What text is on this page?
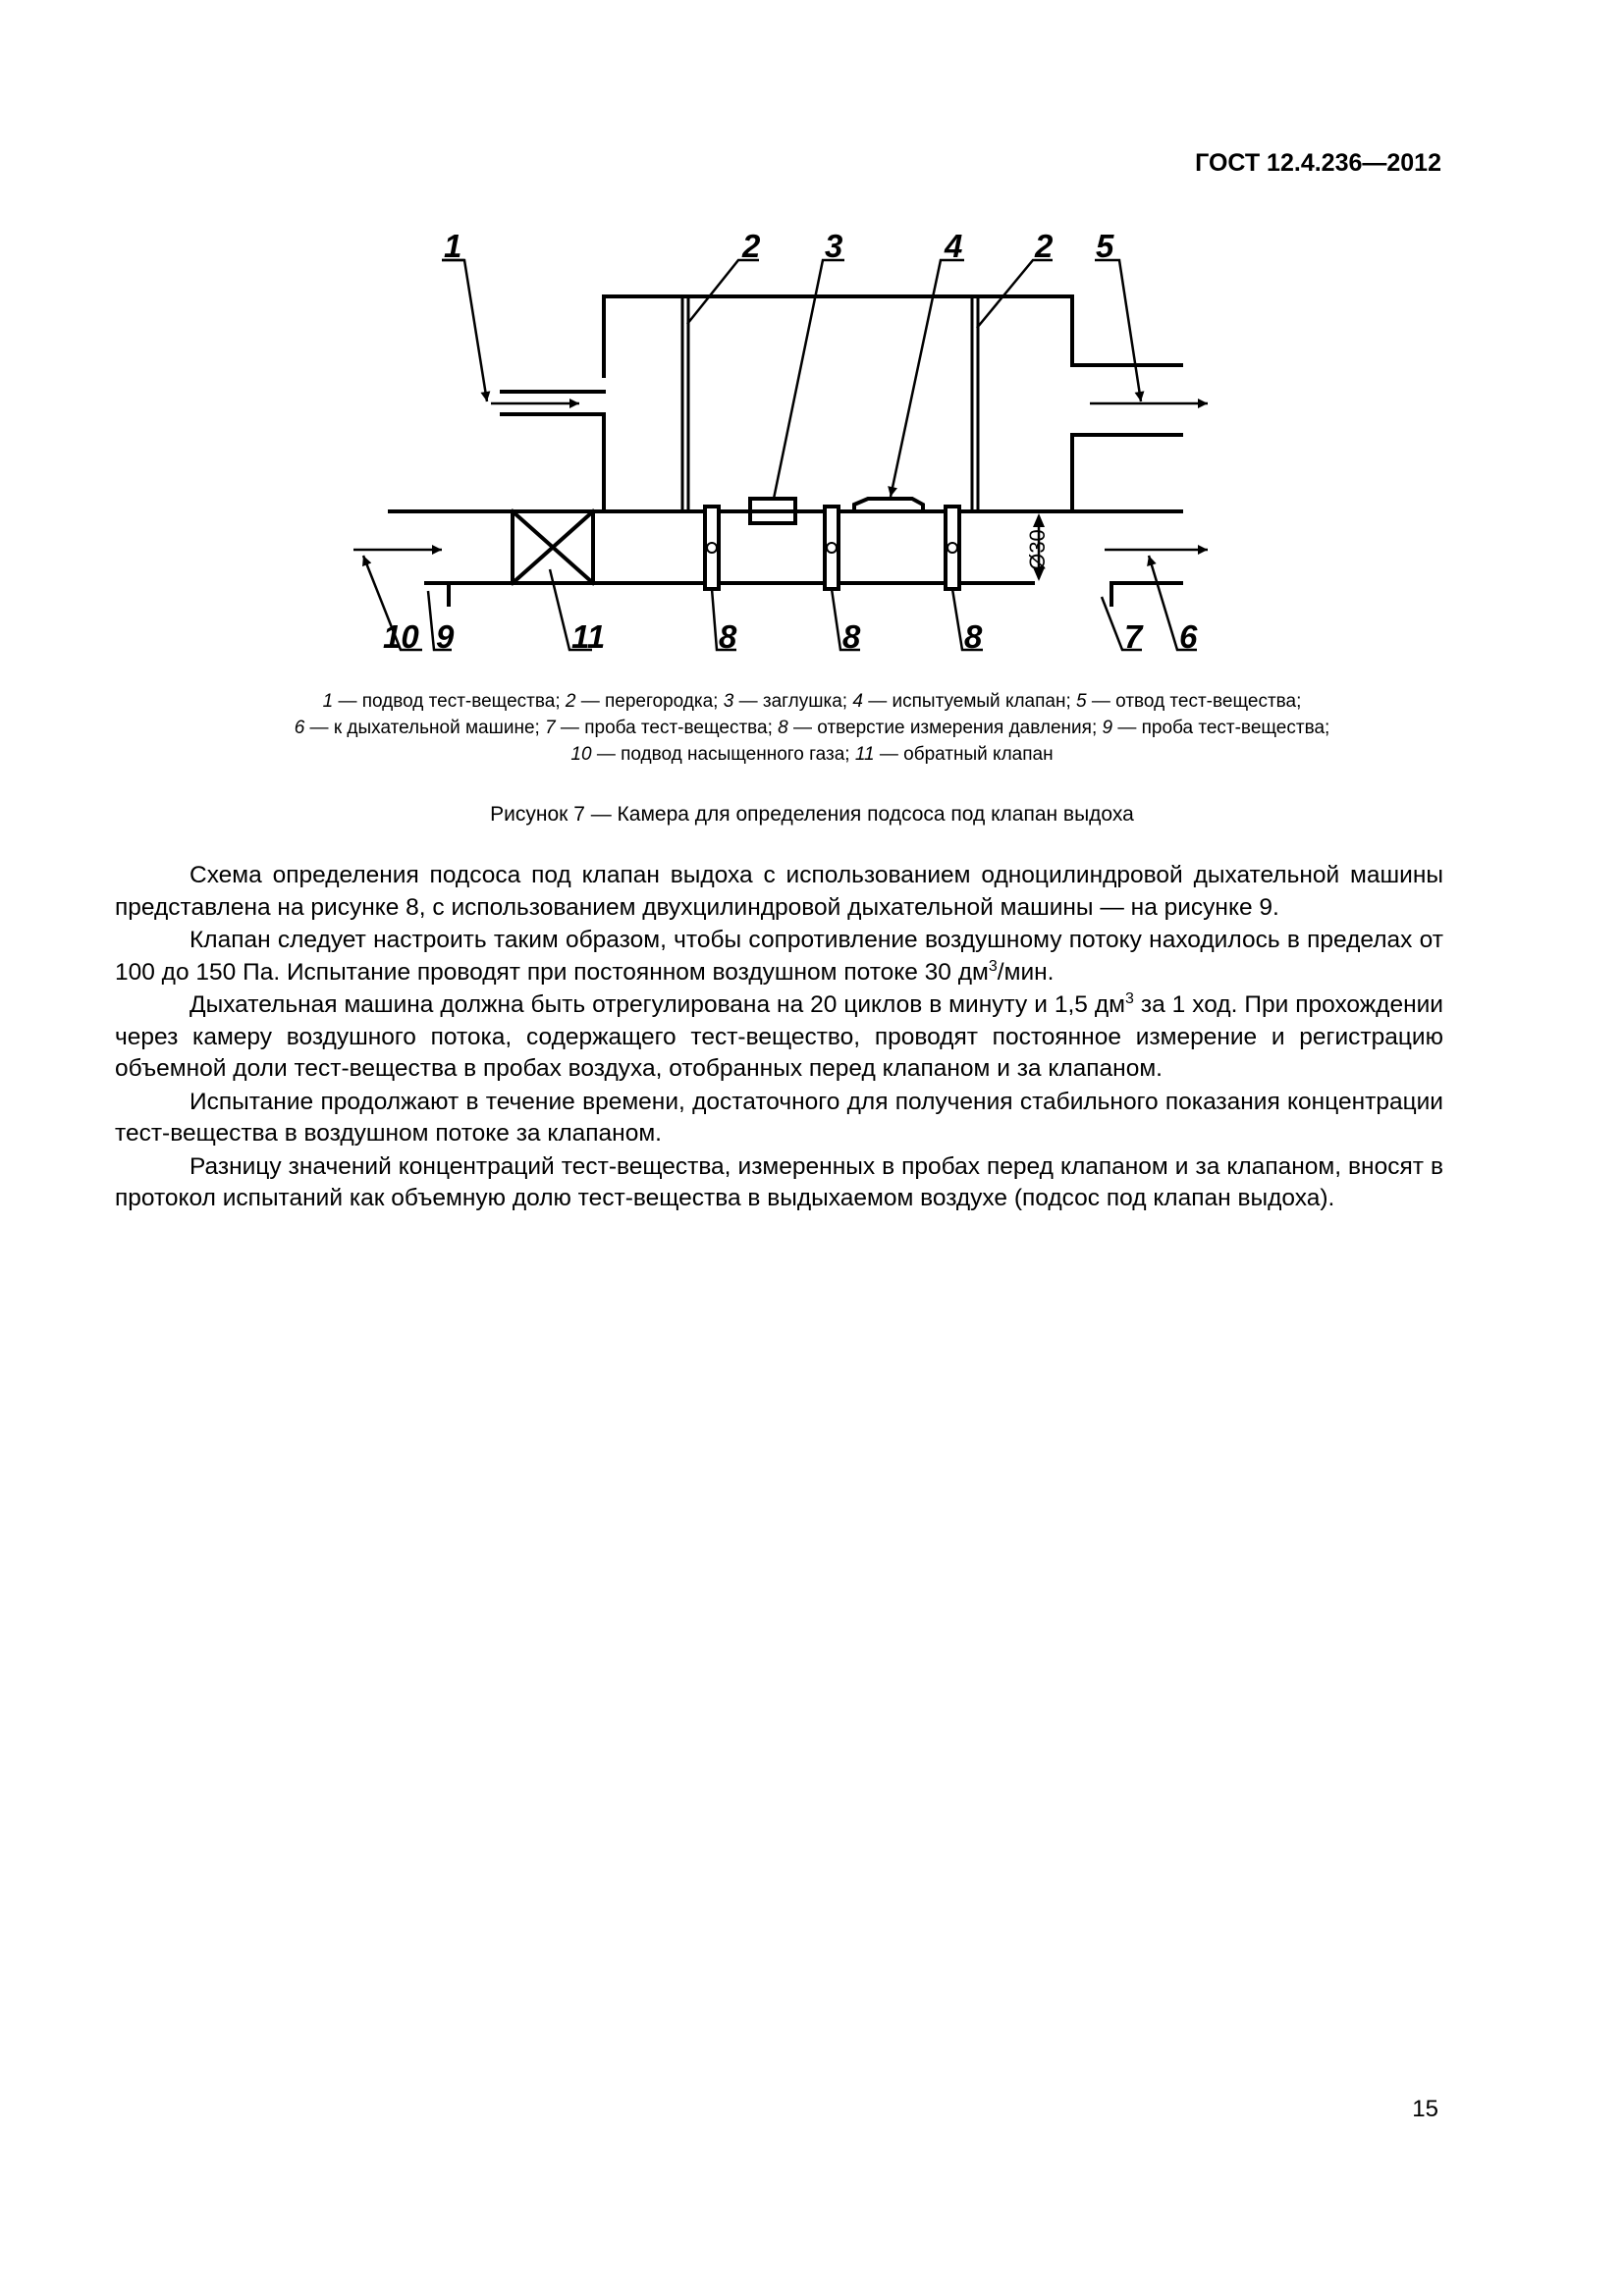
ГОСТ 12.4.236—2012
Ø30
1	2 3	4 2 5
10 9	11	8	8	8	7 6
1 — подвод тест-вещества; 2 — перегородка; 3 — заглушка; 4 — испытуемый клапан; 5 — отвод тест-вещества;
6 — к дыхательной машине; 7 — проба тест-вещества; 8 — отверстие измерения давления; 9 — проба тест-вещества;
10 — подвод насыщенного газа; 11 — обратный клапан
Рисунок 7 — Камера для определения подсоса под клапан выдоха

Схема определения подсоса под клапан выдоха с использованием одноцилиндровой дыхательной машины представлена на рисунке 8, с использованием двухцилиндровой дыхательной машины — на рисунке 9.

Клапан следует настроить таким образом, чтобы сопротивление воздушному потоку находилось в пределах от 100 до 150 Па. Испытание проводят при постоянном воздушном потоке 30 $дм^3$/мин.

Дыхательная машина должна быть отрегулирована на 20 циклов в минуту и 1,5 $дм^3$ за 1 ход. При прохождении через камеру воздушного потока, содержащего тест-вещество, проводят постоянное измерение и регистрацию объемной доли тест-вещества в пробах воздуха, отобранных перед клапаном и за клапаном.

Испытание продолжают в течение времени, достаточного для получения стабильного показания концентрации тест-вещества в воздушном потоке за клапаном.

Разницу значений концентраций тест-вещества, измеренных в пробах перед клапаном и за клапаном, вносят в протокол испытаний как объемную долю тест-вещества в выдыхаемом воздухе (подсос под клапан выдоха).

15
